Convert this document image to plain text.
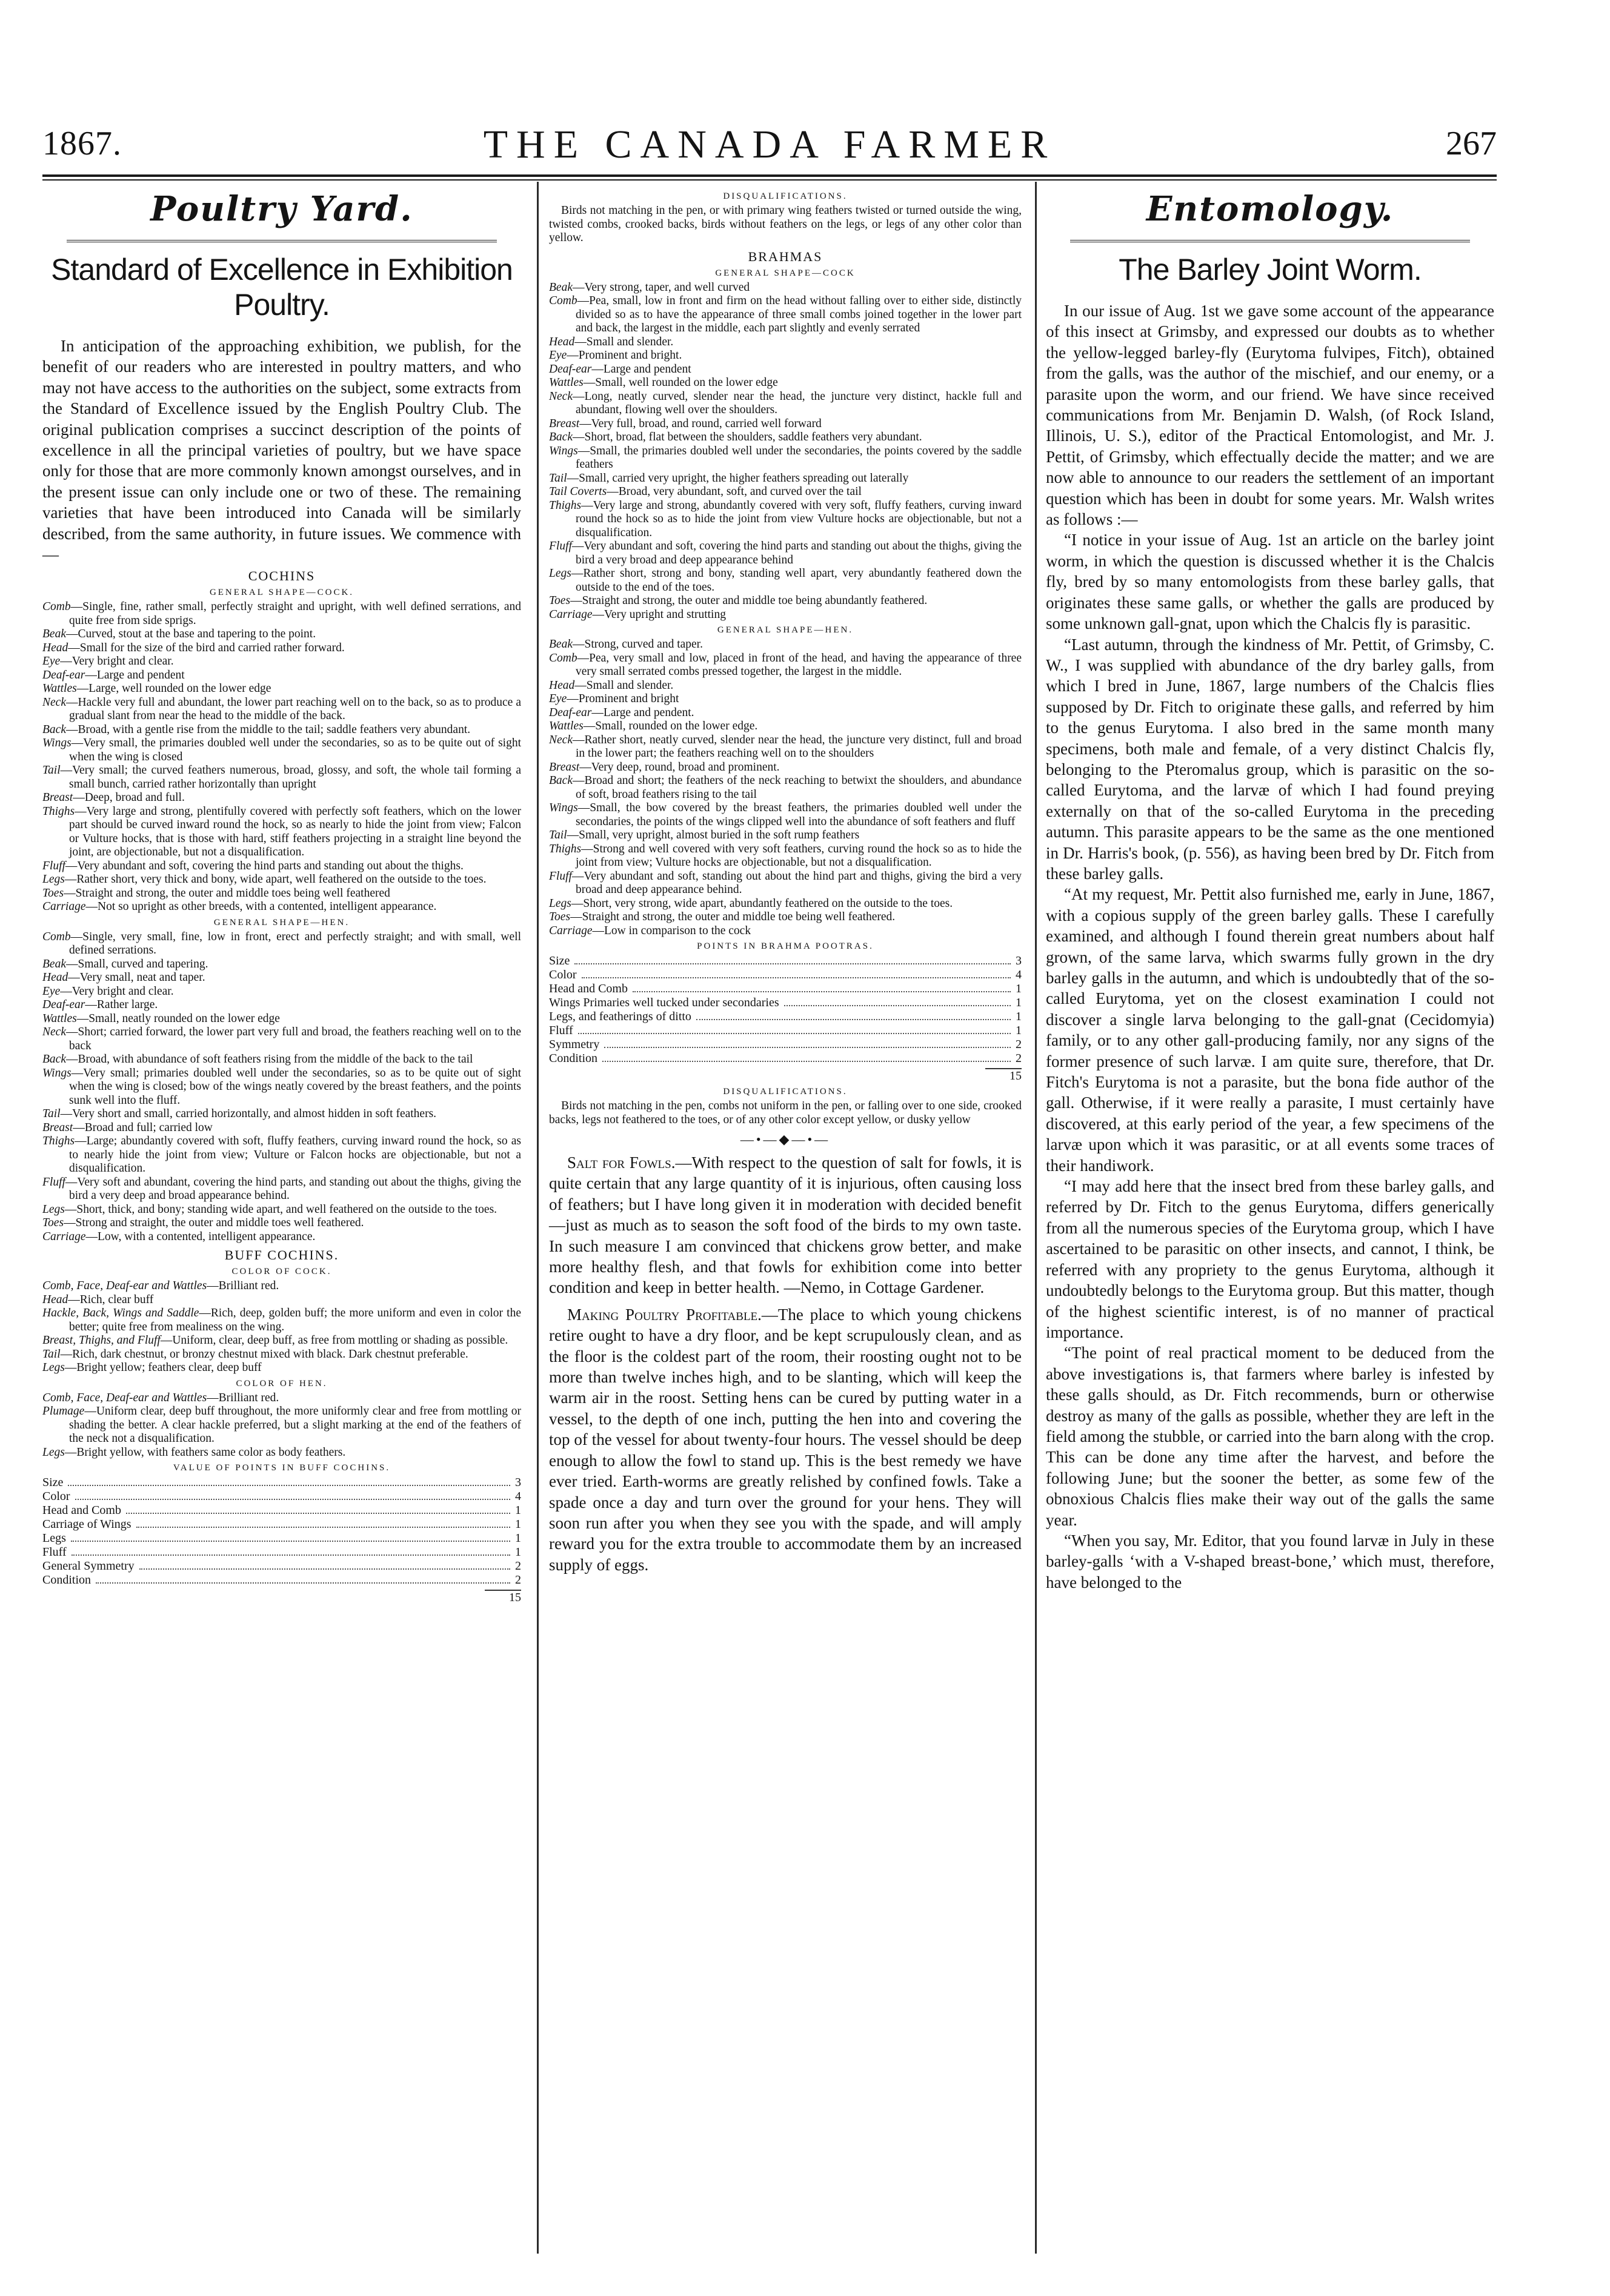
1867.	THE CANADA FARMER	267
Poultry Yard.
Standard of Excellence in Exhibition Poultry.

In anticipation of the approaching exhibition, we publish, for the benefit of our readers who are interested in poultry matters, and who may not have access to the authorities on the subject, some extracts from the Standard of Excellence issued by the English Poultry Club. The original publication comprises a succinct description of the points of excellence in all the principal varieties of poultry, but we have space only for those that are more commonly known amongst ourselves, and in the present issue can only include one or two of these. The remaining varieties that have been introduced into Canada will be similarly described, from the same authority, in future issues. We commence with—

COCHINS
GENERAL SHAPE—COCK.

Comb—Single, fine, rather small, perfectly straight and upright, with well defined serrations, and quite free from side sprigs.

Beak—Curved, stout at the base and tapering to the point.

Head—Small for the size of the bird and carried rather forward.

Eye—Very bright and clear.

Deaf-ear—Large and pendent

Wattles—Large, well rounded on the lower edge

Neck—Hackle very full and abundant, the lower part reaching well on to the back, so as to produce a gradual slant from near the head to the middle of the back.

Back—Broad, with a gentle rise from the middle to the tail; saddle feathers very abundant.

Wings—Very small, the primaries doubled well under the secondaries, so as to be quite out of sight when the wing is closed

Tail—Very small; the curved feathers numerous, broad, glossy, and soft, the whole tail forming a small bunch, carried rather horizontally than upright

Breast—Deep, broad and full.

Thighs—Very large and strong, plentifully covered with perfectly soft feathers, which on the lower part should be curved inward round the hock, so as nearly to hide the joint from view; Falcon or Vulture hocks, that is those with hard, stiff feathers projecting in a straight line beyond the joint, are objectionable, but not a disqualification.

Fluff—Very abundant and soft, covering the hind parts and standing out about the thighs.

Legs—Rather short, very thick and bony, wide apart, well feathered on the outside to the toes.

Toes—Straight and strong, the outer and middle toes being well feathered

Carriage—Not so upright as other breeds, with a contented, intelligent appearance.

GENERAL SHAPE—HEN.

Comb—Single, very small, fine, low in front, erect and perfectly straight; and with small, well defined serrations.

Beak—Small, curved and tapering.

Head—Very small, neat and taper.

Eye—Very bright and clear.

Deaf-ear—Rather large.

Wattles—Small, neatly rounded on the lower edge

Neck—Short; carried forward, the lower part very full and broad, the feathers reaching well on to the back

Back—Broad, with abundance of soft feathers rising from the middle of the back to the tail

Wings—Very small; primaries doubled well under the secondaries, so as to be quite out of sight when the wing is closed; bow of the wings neatly covered by the breast feathers, and the points sunk well into the fluff.

Tail—Very short and small, carried horizontally, and almost hidden in soft feathers.

Breast—Broad and full; carried low

Thighs—Large; abundantly covered with soft, fluffy feathers, curving inward round the hock, so as to nearly hide the joint from view; Vulture or Falcon hocks are objectionable, but not a disqualification.

Fluff—Very soft and abundant, covering the hind parts, and standing out about the thighs, giving the bird a very deep and broad appearance behind.

Legs—Short, thick, and bony; standing wide apart, and well feathered on the outside to the toes.

Toes—Strong and straight, the outer and middle toes well feathered.

Carriage—Low, with a contented, intelligent appearance.

BUFF COCHINS.
COLOR OF COCK.

Comb, Face, Deaf-ear and Wattles—Brilliant red.

Head—Rich, clear buff

Hackle, Back, Wings and Saddle—Rich, deep, golden buff; the more uniform and even in color the better; quite free from mealiness on the wing.

Breast, Thighs, and Fluff—Uniform, clear, deep buff, as free from mottling or shading as possible.

Tail—Rich, dark chestnut, or bronzy chestnut mixed with black. Dark chestnut preferable.

Legs—Bright yellow; feathers clear, deep buff

COLOR OF HEN.

Comb, Face, Deaf-ear and Wattles—Brilliant red.

Plumage—Uniform clear, deep buff throughout, the more uniformly clear and free from mottling or shading the better. A clear hackle preferred, but a slight marking at the end of the feathers of the neck not a disqualification.

Legs—Bright yellow, with feathers same color as body feathers.

VALUE OF POINTS IN BUFF COCHINS.
Size	3
Color	4
Head and Comb	1
Carriage of Wings	1
Legs	1
Fluff	1
General Symmetry	2
Condition	2
15
DISQUALIFICATIONS.

Birds not matching in the pen, or with primary wing feathers twisted or turned outside the wing, twisted combs, crooked backs, birds without feathers on the legs, or legs of any other color than yellow.

BRAHMAS
GENERAL SHAPE—COCK

Beak—Very strong, taper, and well curved

Comb—Pea, small, low in front and firm on the head without falling over to either side, distinctly divided so as to have the appearance of three small combs joined together in the lower part and back, the largest in the middle, each part slightly and evenly serrated

Head—Small and slender.

Eye—Prominent and bright.

Deaf-ear—Large and pendent

Wattles—Small, well rounded on the lower edge

Neck—Long, neatly curved, slender near the head, the juncture very distinct, hackle full and abundant, flowing well over the shoulders.

Breast—Very full, broad, and round, carried well forward

Back—Short, broad, flat between the shoulders, saddle feathers very abundant.

Wings—Small, the primaries doubled well under the secondaries, the points covered by the saddle feathers

Tail—Small, carried very upright, the higher feathers spreading out laterally

Tail Coverts—Broad, very abundant, soft, and curved over the tail

Thighs—Very large and strong, abundantly covered with very soft, fluffy feathers, curving inward round the hock so as to hide the joint from view Vulture hocks are objectionable, but not a disqualification.

Fluff—Very abundant and soft, covering the hind parts and standing out about the thighs, giving the bird a very broad and deep appearance behind

Legs—Rather short, strong and bony, standing well apart, very abundantly feathered down the outside to the end of the toes.

Toes—Straight and strong, the outer and middle toe being abundantly feathered.

Carriage—Very upright and strutting

GENERAL SHAPE—HEN.

Beak—Strong, curved and taper.

Comb—Pea, very small and low, placed in front of the head, and having the appearance of three very small serrated combs pressed together, the largest in the middle.

Head—Small and slender.

Eye—Prominent and bright

Deaf-ear—Large and pendent.

Wattles—Small, rounded on the lower edge.

Neck—Rather short, neatly curved, slender near the head, the juncture very distinct, full and broad in the lower part; the feathers reaching well on to the shoulders

Breast—Very deep, round, broad and prominent.

Back—Broad and short; the feathers of the neck reaching to betwixt the shoulders, and abundance of soft, broad feathers rising to the tail

Wings—Small, the bow covered by the breast feathers, the primaries doubled well under the secondaries, the points of the wings clipped well into the abundance of soft feathers and fluff

Tail—Small, very upright, almost buried in the soft rump feathers

Thighs—Strong and well covered with very soft feathers, curving round the hock so as to hide the joint from view; Vulture hocks are objectionable, but not a disqualification.

Fluff—Very abundant and soft, standing out about the hind part and thighs, giving the bird a very broad and deep appearance behind.

Legs—Short, very strong, wide apart, abundantly feathered on the outside to the toes.

Toes—Straight and strong, the outer and middle toe being well feathered.

Carriage—Low in comparison to the cock

POINTS IN BRAHMA POOTRAS.
Size	3
Color	4
Head and Comb	1
Wings Primaries well tucked under secondaries	1
Legs, and featherings of ditto	1
Fluff	1
Symmetry	2
Condition	2
15
DISQUALIFICATIONS.

Birds not matching in the pen, combs not uniform in the pen, or falling over to one side, crooked backs, legs not feathered to the toes, or of any other color except yellow, or dusky yellow

—•—◆—•—

Salt for Fowls.—With respect to the question of salt for fowls, it is quite certain that any large quantity of it is injurious, often causing loss of feathers; but I have long given it in moderation with decided benefit—just as much as to season the soft food of the birds to my own taste. In such measure I am convinced that chickens grow better, and make more healthy flesh, and that fowls for exhibition come into better condition and keep in better health. —Nemo, in Cottage Gardener.

Making Poultry Profitable.—The place to which young chickens retire ought to have a dry floor, and be kept scrupulously clean, and as the floor is the coldest part of the room, their roosting ought not to be more than twelve inches high, and to be slanting, which will keep the warm air in the roost. Setting hens can be cured by putting water in a vessel, to the depth of one inch, putting the hen into and covering the top of the vessel for about twenty-four hours. The vessel should be deep enough to allow the fowl to stand up. This is the best remedy we have ever tried. Earth-worms are greatly relished by confined fowls. Take a spade once a day and turn over the ground for your hens. They will soon run after you when they see you with the spade, and will amply reward you for the extra trouble to accommodate them by an increased supply of eggs.

Entomology.
The Barley Joint Worm.

In our issue of Aug. 1st we gave some account of the appearance of this insect at Grimsby, and expressed our doubts as to whether the yellow-legged barley-fly (Eurytoma fulvipes, Fitch), obtained from the galls, was the author of the mischief, and our enemy, or a parasite upon the worm, and our friend. We have since received communications from Mr. Benjamin D. Walsh, (of Rock Island, Illinois, U. S.), editor of the Practical Entomologist, and Mr. J. Pettit, of Grimsby, which effectually decide the matter; and we are now able to announce to our readers the settlement of an important question which has been in doubt for some years. Mr. Walsh writes as follows :—

“I notice in your issue of Aug. 1st an article on the barley joint worm, in which the question is discussed whether it is the Chalcis fly, bred by so many entomologists from these barley galls, that originates these same galls, or whether the galls are produced by some unknown gall-gnat, upon which the Chalcis fly is parasitic.

“Last autumn, through the kindness of Mr. Pettit, of Grimsby, C. W., I was supplied with abundance of the dry barley galls, from which I bred in June, 1867, large numbers of the Chalcis flies supposed by Dr. Fitch to originate these galls, and referred by him to the genus Eurytoma. I also bred in the same month many specimens, both male and female, of a very distinct Chalcis fly, belonging to the Pteromalus group, which is parasitic on the so-called Eurytoma, and the larvæ of which I had found preying externally on that of the so-called Eurytoma in the preceding autumn. This parasite appears to be the same as the one mentioned in Dr. Harris's book, (p. 556), as having been bred by Dr. Fitch from these barley galls.

“At my request, Mr. Pettit also furnished me, early in June, 1867, with a copious supply of the green barley galls. These I carefully examined, and although I found therein great numbers about half grown, of the same larva, which swarms fully grown in the dry barley galls in the autumn, and which is undoubtedly that of the so-called Eurytoma, yet on the closest examination I could not discover a single larva belonging to the gall-gnat (Cecidomyia) family, or to any other gall-producing family, nor any signs of the former presence of such larvæ. I am quite sure, therefore, that Dr. Fitch's Eurytoma is not a parasite, but the bona fide author of the gall. Otherwise, if it were really a parasite, I must certainly have discovered, at this early period of the year, a few specimens of the larvæ upon which it was parasitic, or at all events some traces of their handiwork.

“I may add here that the insect bred from these barley galls, and referred by Dr. Fitch to the genus Eurytoma, differs generically from all the numerous species of the Eurytoma group, which I have ascertained to be parasitic on other insects, and cannot, I think, be referred with any propriety to the genus Eurytoma, although it undoubtedly belongs to the Eurytoma group. But this matter, though of the highest scientific interest, is of no manner of practical importance.

“The point of real practical moment to be deduced from the above investigations is, that farmers where barley is infested by these galls should, as Dr. Fitch recommends, burn or otherwise destroy as many of the galls as possible, whether they are left in the field among the stubble, or carried into the barn along with the crop. This can be done any time after the harvest, and before the following June; but the sooner the better, as some few of the obnoxious Chalcis flies make their way out of the galls the same year.

“When you say, Mr. Editor, that you found larvæ in July in these barley-galls ‘with a V-shaped breast-bone,’ which must, therefore, have belonged to the
